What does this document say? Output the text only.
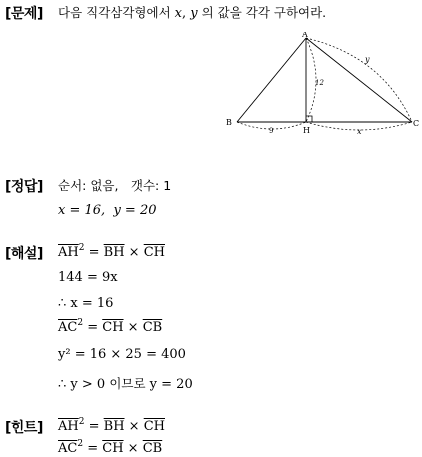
[문제] 다음 직각삼각형에서 x, y 의 값을 각각 구하여라.
A
B	C
H
12
y
9	x
[정답] 순서: 없음, 갯수: 1
x = 16, y = 20
[해설] $\overline{AH}^2 = \overline{BH} \times \overline{CH}$
144 = 9x
∴ x = 16
$\overline{AC}^2 = \overline{CH} \times \overline{CB}$
y² = 16 × 25 = 400
∴ y > 0 이므로 y = 20
[힌트] $\overline{AH}^2 = \overline{BH} \times \overline{CH}$
$\overline{AC}^2 = \overline{CH} \times \overline{CB}$
